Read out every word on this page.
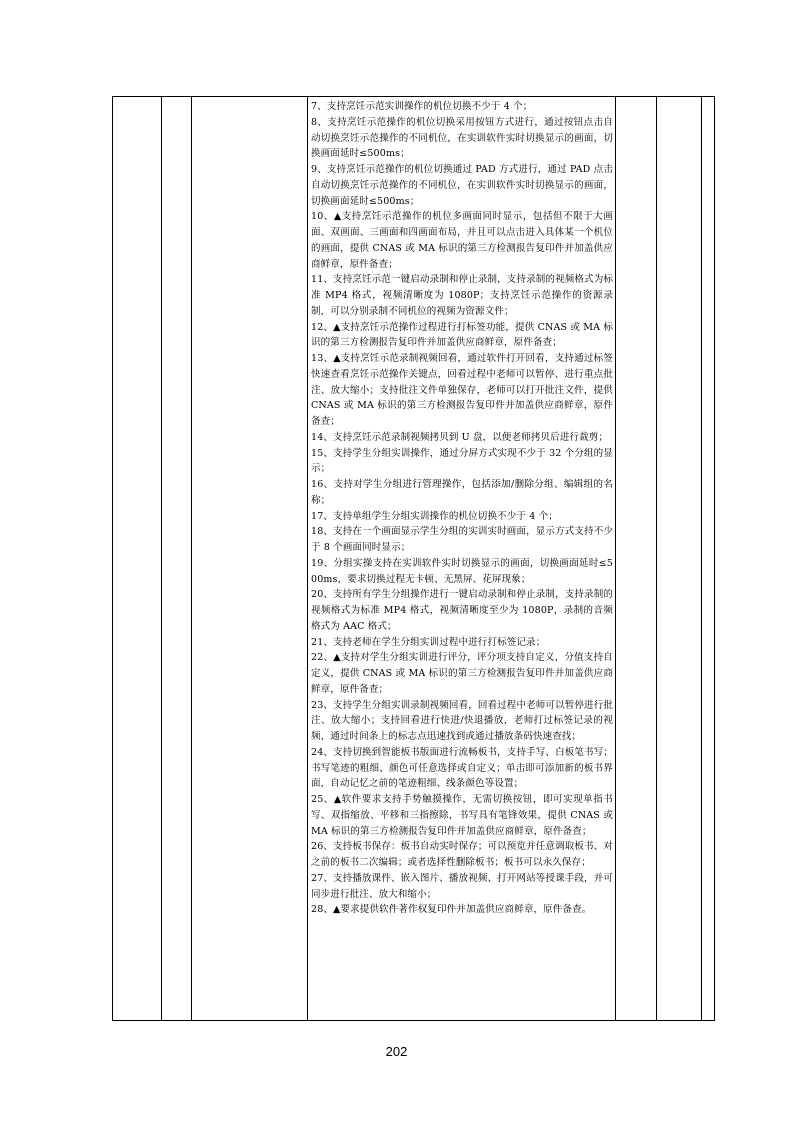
7、支持烹饪示范实训操作的机位切换不少于 4 个；

8、支持烹饪示范操作的机位切换采用按钮方式进行，通过按钮点击自动切换烹饪示范操作的不同机位，在实训软件实时切换显示的画面，切换画面延时≤500ms；

9、支持烹饪示范操作的机位切换通过 PAD 方式进行，通过 PAD 点击自动切换烹饪示范操作的不同机位，在实训软件实时切换显示的画面，切换画面延时≤500ms；

10、▲支持烹饪示范操作的机位多画面同时显示，包括但不限于大画面、双画面、三画面和四画面布局，并且可以点击进入具体某一个机位的画面，提供 CNAS 或 MA 标识的第三方检测报告复印件并加盖供应商鲜章，原件备查；

11、支持烹饪示范一键启动录制和停止录制，支持录制的视频格式为标准 MP4 格式，视频清晰度为 1080P；支持烹饪示范操作的资源录制，可以分别录制不同机位的视频为资源文件；

12、▲支持烹饪示范操作过程进行打标签功能，提供 CNAS 或 MA 标识的第三方检测报告复印件并加盖供应商鲜章，原件备查；

13、▲支持烹饪示范录制视频回看，通过软件打开回看，支持通过标签快速查看烹饪示范操作关键点，回看过程中老师可以暂停、进行重点批注、放大缩小；支持批注文件单独保存，老师可以打开批注文件，提供 CNAS 或 MA 标识的第三方检测报告复印件并加盖供应商鲜章，原件备查；

14、支持烹饪示范录制视频拷贝到 U 盘，以便老师拷贝后进行裁剪；

15、支持学生分组实训操作，通过分屏方式实现不少于 32 个分组的显示；

16、支持对学生分组进行管理操作，包括添加/删除分组、编辑组的名称；

17、支持单组学生分组实训操作的机位切换不少于 4 个；

18、支持在一个画面显示学生分组的实训实时画面，显示方式支持不少于 8 个画面同时显示；

19、分组实操支持在实训软件实时切换显示的画面，切换画面延时≤500ms，要求切换过程无卡顿、无黑屏、花屏现象；

20、支持所有学生分组操作进行一键启动录制和停止录制，支持录制的视频格式为标准 MP4 格式，视频清晰度至少为 1080P，录制的音频格式为 AAC 格式；

21、支持老师在学生分组实训过程中进行打标签记录；

22、▲支持对学生分组实训进行评分，评分项支持自定义，分值支持自定义，提供 CNAS 或 MA 标识的第三方检测报告复印件并加盖供应商鲜章，原件备查；

23、支持学生分组实训录制视频回看，回看过程中老师可以暂停进行批注、放大缩小；支持回看进行快进/快退播放，老师打过标签记录的视频，通过时间条上的标志点迅速找到或通过播放条码快速查找；

24、支持切换到智能板书版面进行流畅板书，支持手写、白板笔书写；书写笔迹的粗细、颜色可任意选择或自定义；单击即可添加新的板书界面，自动记忆之前的笔迹粗细、线条颜色等设置；

25、▲软件要求支持手势触摸操作，无需切换按钮，即可实现单指书写、双指缩放、平移和三指擦除，书写具有笔锋效果，提供 CNAS 或 MA 标识的第三方检测报告复印件并加盖供应商鲜章，原件备查；

26、支持板书保存：板书自动实时保存；可以预览并任意调取板书、对之前的板书二次编辑；或者选择性删除板书；板书可以永久保存；

27、支持播放课件、嵌入图片、播放视频、打开网站等授课手段，并可同步进行批注、放大和缩小；

28、▲要求提供软件著作权复印件并加盖供应商鲜章，原件备查。

202
